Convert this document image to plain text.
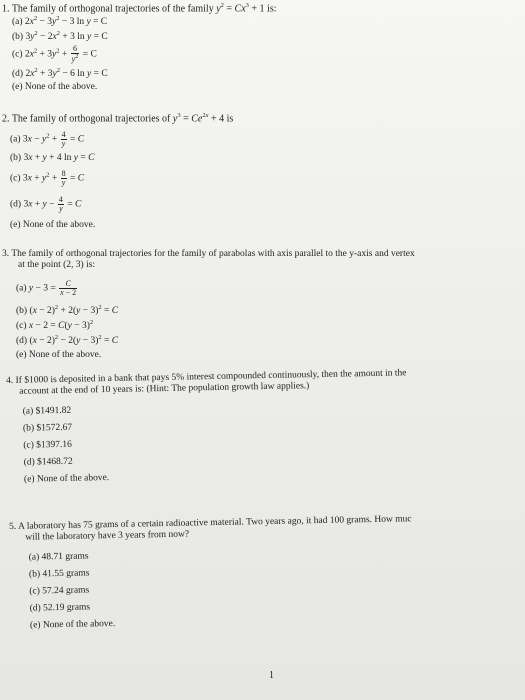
1. The family of orthogonal trajectories of the family $y^2 = Cx^3 + 1$ is:
(a) $2x^2 - 3y^2 - 3$ ln y = C
(b) $3y^2 - 2x^2 + 3$ ln y = C
(c) $2x^2 + 3y^2 + \frac{6}{y^2} = C$
(d) $2x^2 + 3y^2 - 6$ ln y = C
(e) None of the above.
2. The family of orthogonal trajectories of $y^3 = Ce^{2x} + 4$ is
(a) $3x - y^2 + \frac{4}{y} = C$
(b) 3x + y + 4 ln y = C
(c) $3x + y^2 + \frac{8}{y} = C$
(d) $3x + y - \frac{4}{y} = C$
(e) None of the above.
3. The family of orthogonal trajectories for the family of parabolas with axis parallel to the y-axis and vertex
at the point (2, 3) is:
(a) $y - 3 = \frac{C}{x - 2}$
(b) $(x - 2)^2 + 2(y - 3)^2 = C$
(c) $x - 2 = C(y - 3)^2$
(d) $(x - 2)^2 - 2(y - 3)^2 = C$
(e) None of the above.
4. If $1000 is deposited in a bank that pays 5% interest compounded continuously, then the amount in the
account at the end of 10 years is: (Hint: The population growth law applies.)
(a) $1491.82
(b) $1572.67
(c) $1397.16
(d) $1468.72
(e) None of the above.
5. A laboratory has 75 grams of a certain radioactive material. Two years ago, it had 100 grams. How muc
will the laboratory have 3 years from now?
(a) 48.71 grams
(b) 41.55 grams
(c) 57.24 grams
(d) 52.19 grams
(e) None of the above.
1
